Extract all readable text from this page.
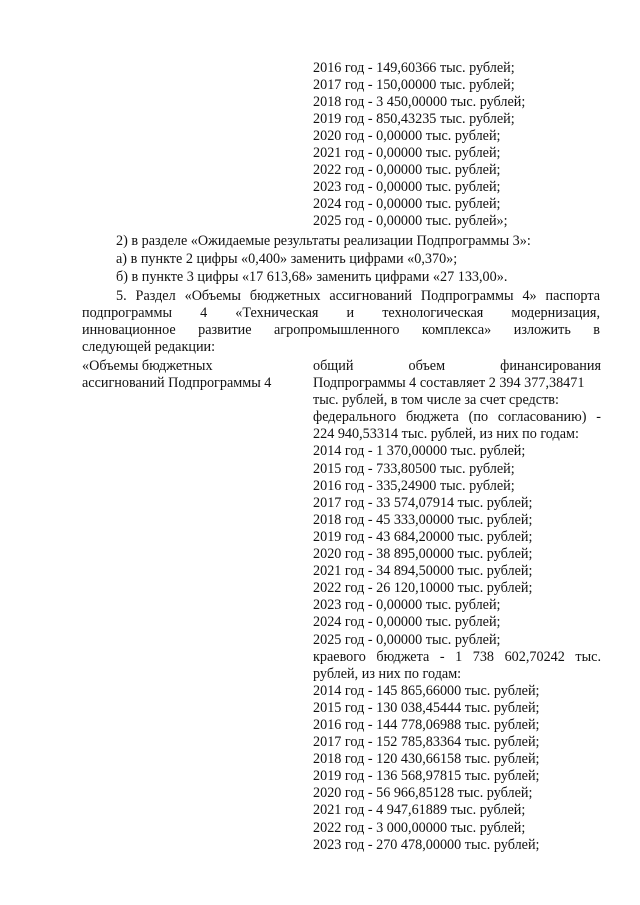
2016 год - 149,60366 тыс. рублей;
2017 год - 150,00000 тыс. рублей;
2018 год - 3 450,00000 тыс. рублей;
2019 год - 850,43235 тыс. рублей;
2020 год - 0,00000 тыс. рублей;
2021 год - 0,00000 тыс. рублей;
2022 год - 0,00000 тыс. рублей;
2023 год - 0,00000 тыс. рублей;
2024 год - 0,00000 тыс. рублей;
2025 год - 0,00000 тыс. рублей»;
2) в разделе «Ожидаемые результаты реализации Подпрограммы 3»:
а) в пункте 2 цифры «0,400» заменить цифрами «0,370»;
б) в пункте 3 цифры «17 613,68» заменить цифрами «27 133,00».
5. Раздел «Объемы бюджетных ассигнований Подпрограммы 4» паспорта
подпрограммы 4 «Техническая и технологическая модернизация,
инновационное развитие агропромышленного комплекса» изложить в
следующей редакции:
«Объемы бюджетных
ассигнований Подпрограммы 4
общий объем финансирования
Подпрограммы 4 составляет 2 394 377,38471
тыс. рублей, в том числе за счет средств:
федерального бюджета (по согласованию) -
224 940,53314 тыс. рублей, из них по годам:
2014 год - 1 370,00000 тыс. рублей;
2015 год - 733,80500 тыс. рублей;
2016 год - 335,24900 тыс. рублей;
2017 год - 33 574,07914 тыс. рублей;
2018 год - 45 333,00000 тыс. рублей;
2019 год - 43 684,20000 тыс. рублей;
2020 год - 38 895,00000 тыс. рублей;
2021 год - 34 894,50000 тыс. рублей;
2022 год - 26 120,10000 тыс. рублей;
2023 год - 0,00000 тыс. рублей;
2024 год - 0,00000 тыс. рублей;
2025 год - 0,00000 тыс. рублей;
краевого бюджета - 1 738 602,70242 тыс.
рублей, из них по годам:
2014 год - 145 865,66000 тыс. рублей;
2015 год - 130 038,45444 тыс. рублей;
2016 год - 144 778,06988 тыс. рублей;
2017 год - 152 785,83364 тыс. рублей;
2018 год - 120 430,66158 тыс. рублей;
2019 год - 136 568,97815 тыс. рублей;
2020 год - 56 966,85128 тыс. рублей;
2021 год - 4 947,61889 тыс. рублей;
2022 год - 3 000,00000 тыс. рублей;
2023 год - 270 478,00000 тыс. рублей;
